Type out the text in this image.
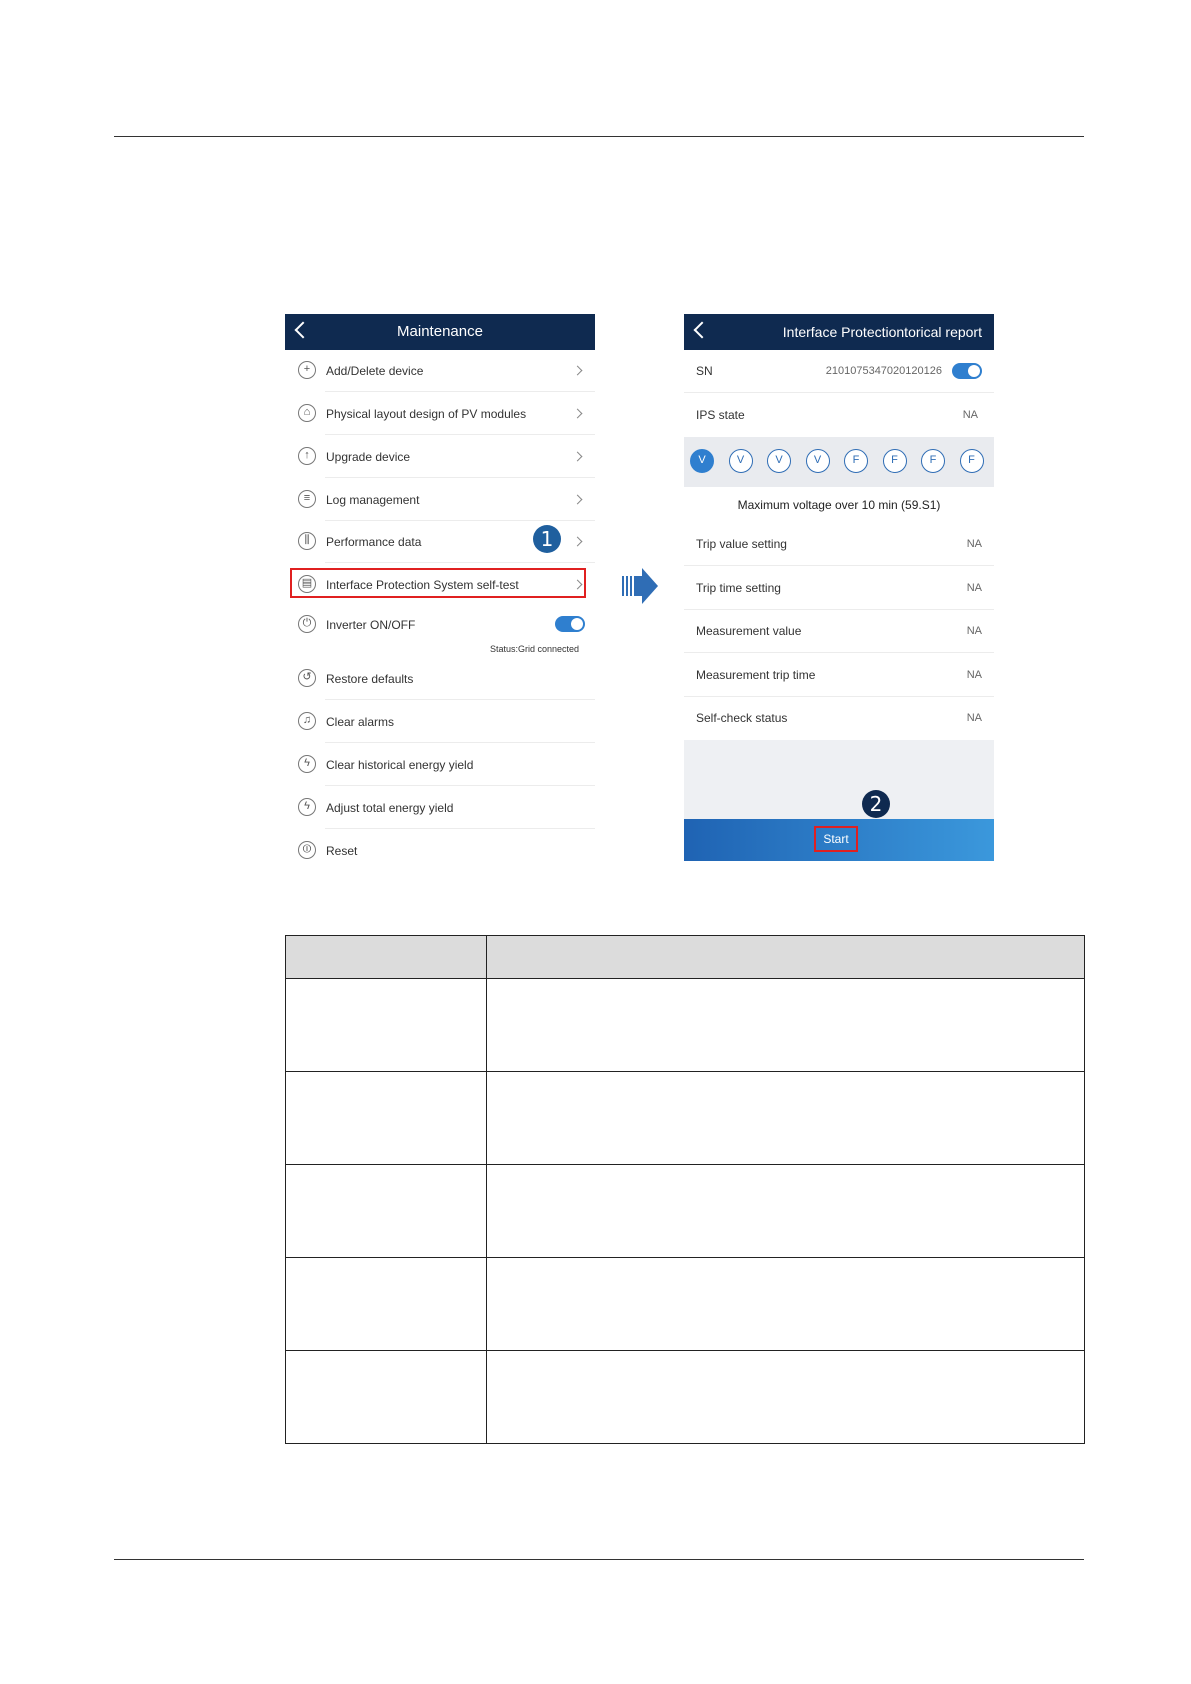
Maintenance
+	Add/Delete device
⌂	Physical layout design of PV modules
↑	Upgrade device
≡	Log management
⫼	Performance data
▤	Interface Protection System self-test
⏻	Inverter ON/OFF
↺	Restore defaults
♫	Clear alarms
ϟ	Clear historical energy yield
ϟ	Adjust total energy yield
⏼	Reset
Status:Grid connected
1
Interface Protectiontorical report
SN	2101075347020120126
IPS state	NA
V	V	V	V	F	F	F	F
Maximum voltage over 10 min (59.S1)
Trip value setting	NA
Trip time setting	NA
Measurement value	NA
Measurement trip time	NA
Self-check status	NA
2
Start
